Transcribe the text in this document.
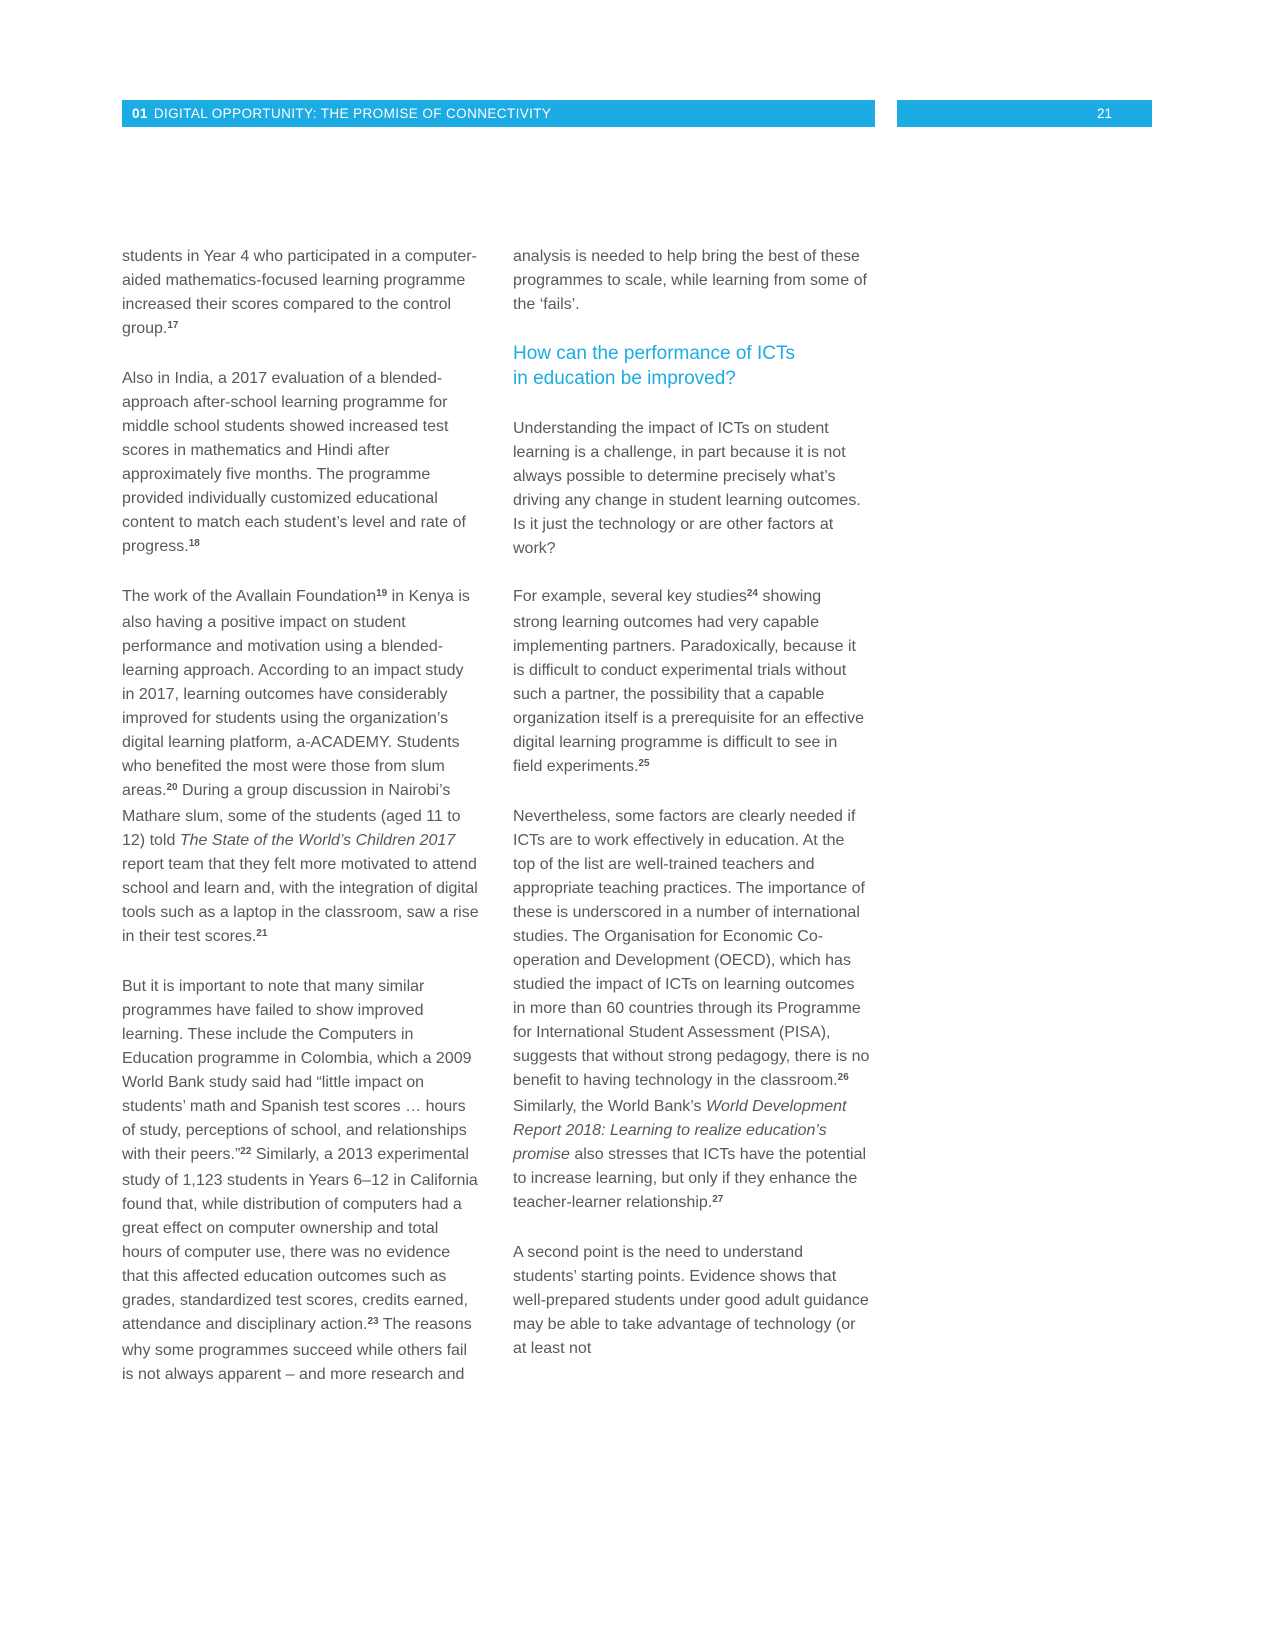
01 DIGITAL OPPORTUNITY: THE PROMISE OF CONNECTIVITY	21

students in Year 4 who participated in a computer-aided mathematics-focused learning programme increased their scores compared to the control group.$^{17}$

Also in India, a 2017 evaluation of a blended-approach after-school learning programme for middle school students showed increased test scores in mathematics and Hindi after approximately five months. The programme provided individually customized educational content to match each student’s level and rate of progress.$^{18}$

The work of the Avallain Foundation$^{19}$ in Kenya is also having a positive impact on student performance and motivation using a blended-learning approach. According to an impact study in 2017, learning outcomes have considerably improved for students using the organization’s digital learning platform, a-ACADEMY. Students who benefited the most were those from slum areas.$^{20}$ During a group discussion in Nairobi’s Mathare slum, some of the students (aged 11 to 12) told The State of the World’s Children 2017 report team that they felt more motivated to attend school and learn and, with the integration of digital tools such as a laptop in the classroom, saw a rise in their test scores.$^{21}$

But it is important to note that many similar programmes have failed to show improved learning. These include the Computers in Education programme in Colombia, which a 2009 World Bank study said had “little impact on students’ math and Spanish test scores … hours of study, perceptions of school, and relationships with their peers.”$^{22}$ Similarly, a 2013 experimental study of 1,123 students in Years 6–12 in California found that, while distribution of computers had a great effect on computer ownership and total hours of computer use, there was no evidence that this affected education outcomes such as grades, standardized test scores, credits earned, attendance and disciplinary action.$^{23}$ The reasons why some programmes succeed while others fail is not always apparent – and more research and

analysis is needed to help bring the best of these programmes to scale, while learning from some of the ‘fails’.

How can the performance of ICTs
in education be improved?

Understanding the impact of ICTs on student learning is a challenge, in part because it is not always possible to determine precisely what’s driving any change in student learning outcomes. Is it just the technology or are other factors at work?

For example, several key studies$^{24}$ showing strong learning outcomes had very capable implementing partners. Paradoxically, because it is difficult to conduct experimental trials without such a partner, the possibility that a capable organization itself is a prerequisite for an effective digital learning programme is difficult to see in field experiments.$^{25}$

Nevertheless, some factors are clearly needed if ICTs are to work effectively in education. At the top of the list are well-trained teachers and appropriate teaching practices. The importance of these is underscored in a number of international studies. The Organisation for Economic Co-operation and Development (OECD), which has studied the impact of ICTs on learning outcomes in more than 60 countries through its Programme for International Student Assessment (PISA), suggests that without strong pedagogy, there is no benefit to having technology in the classroom.$^{26}$ Similarly, the World Bank’s World Development Report 2018: Learning to realize education’s promise also stresses that ICTs have the potential to increase learning, but only if they enhance the teacher-learner relationship.$^{27}$

A second point is the need to understand students’ starting points. Evidence shows that well-prepared students under good adult guidance may be able to take advantage of technology (or at least not
